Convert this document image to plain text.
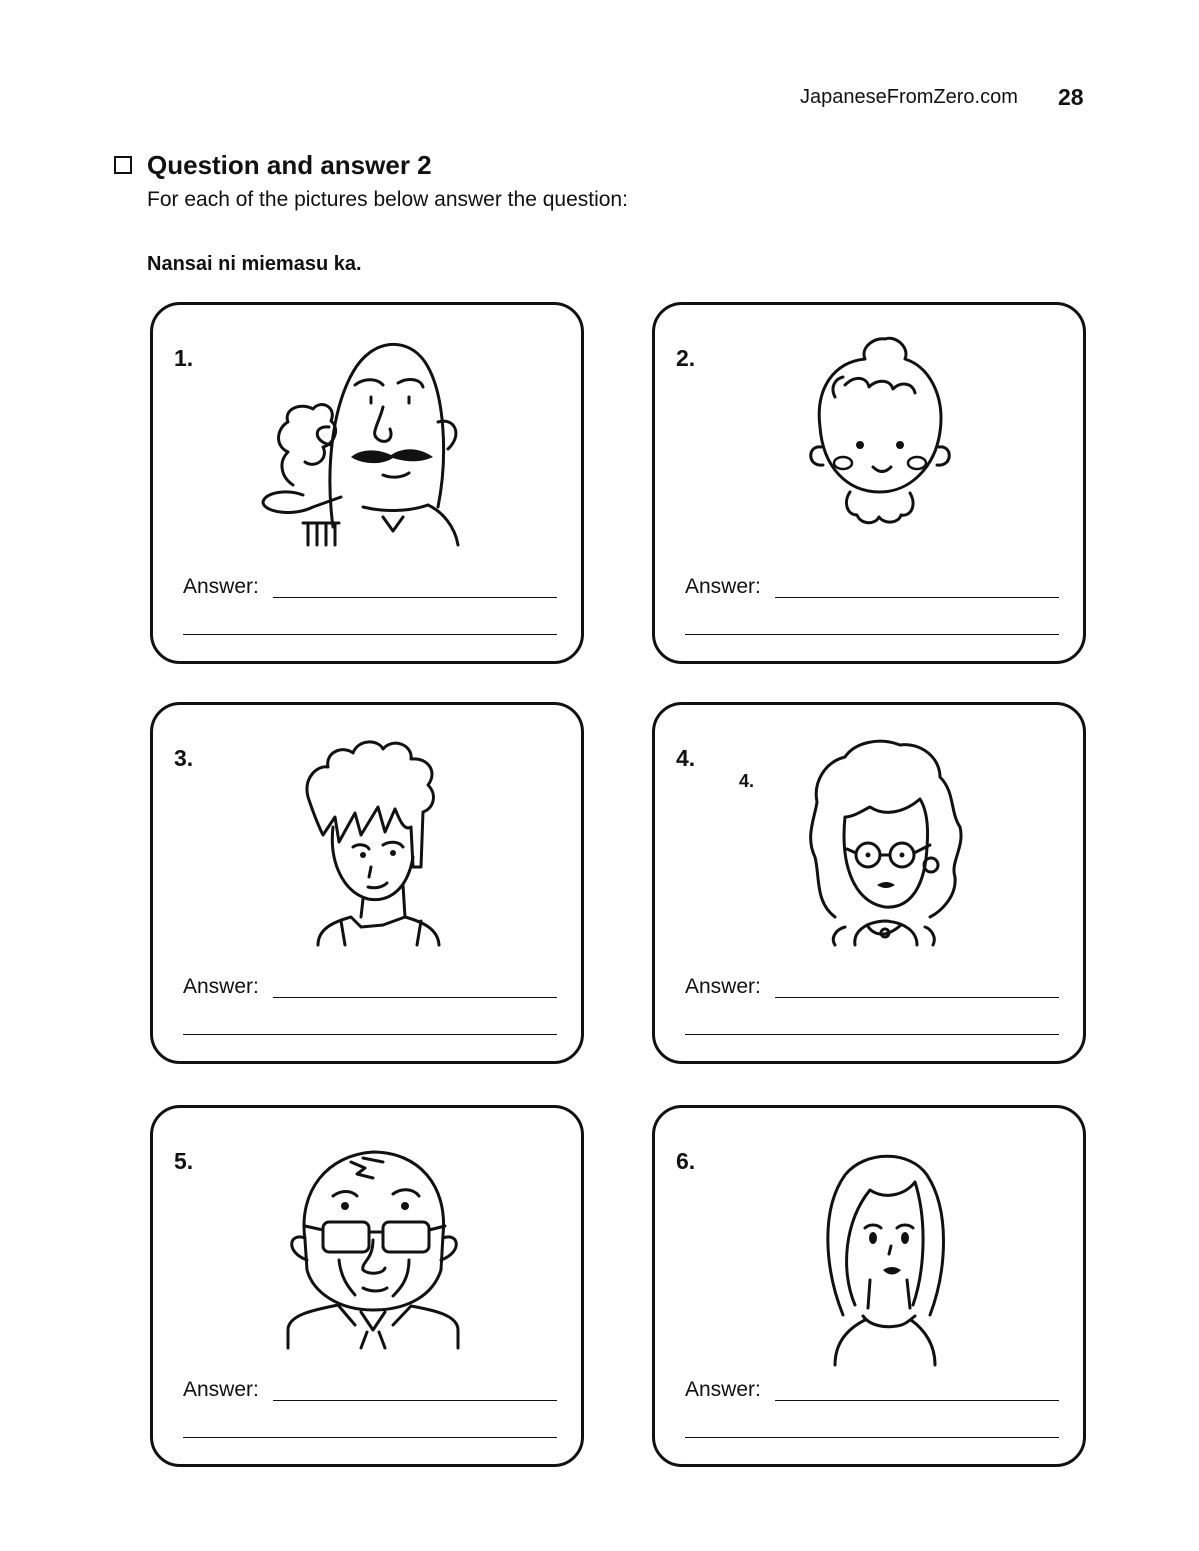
JapaneseFromZero.com 28
Question and answer 2
For each of the pictures below answer the question:
Nansai ni miemasu ka.
1.
Answer:
2.
Answer:
3.
Answer:
4.
4.
Answer:
5.
Answer:
6.
Answer:
